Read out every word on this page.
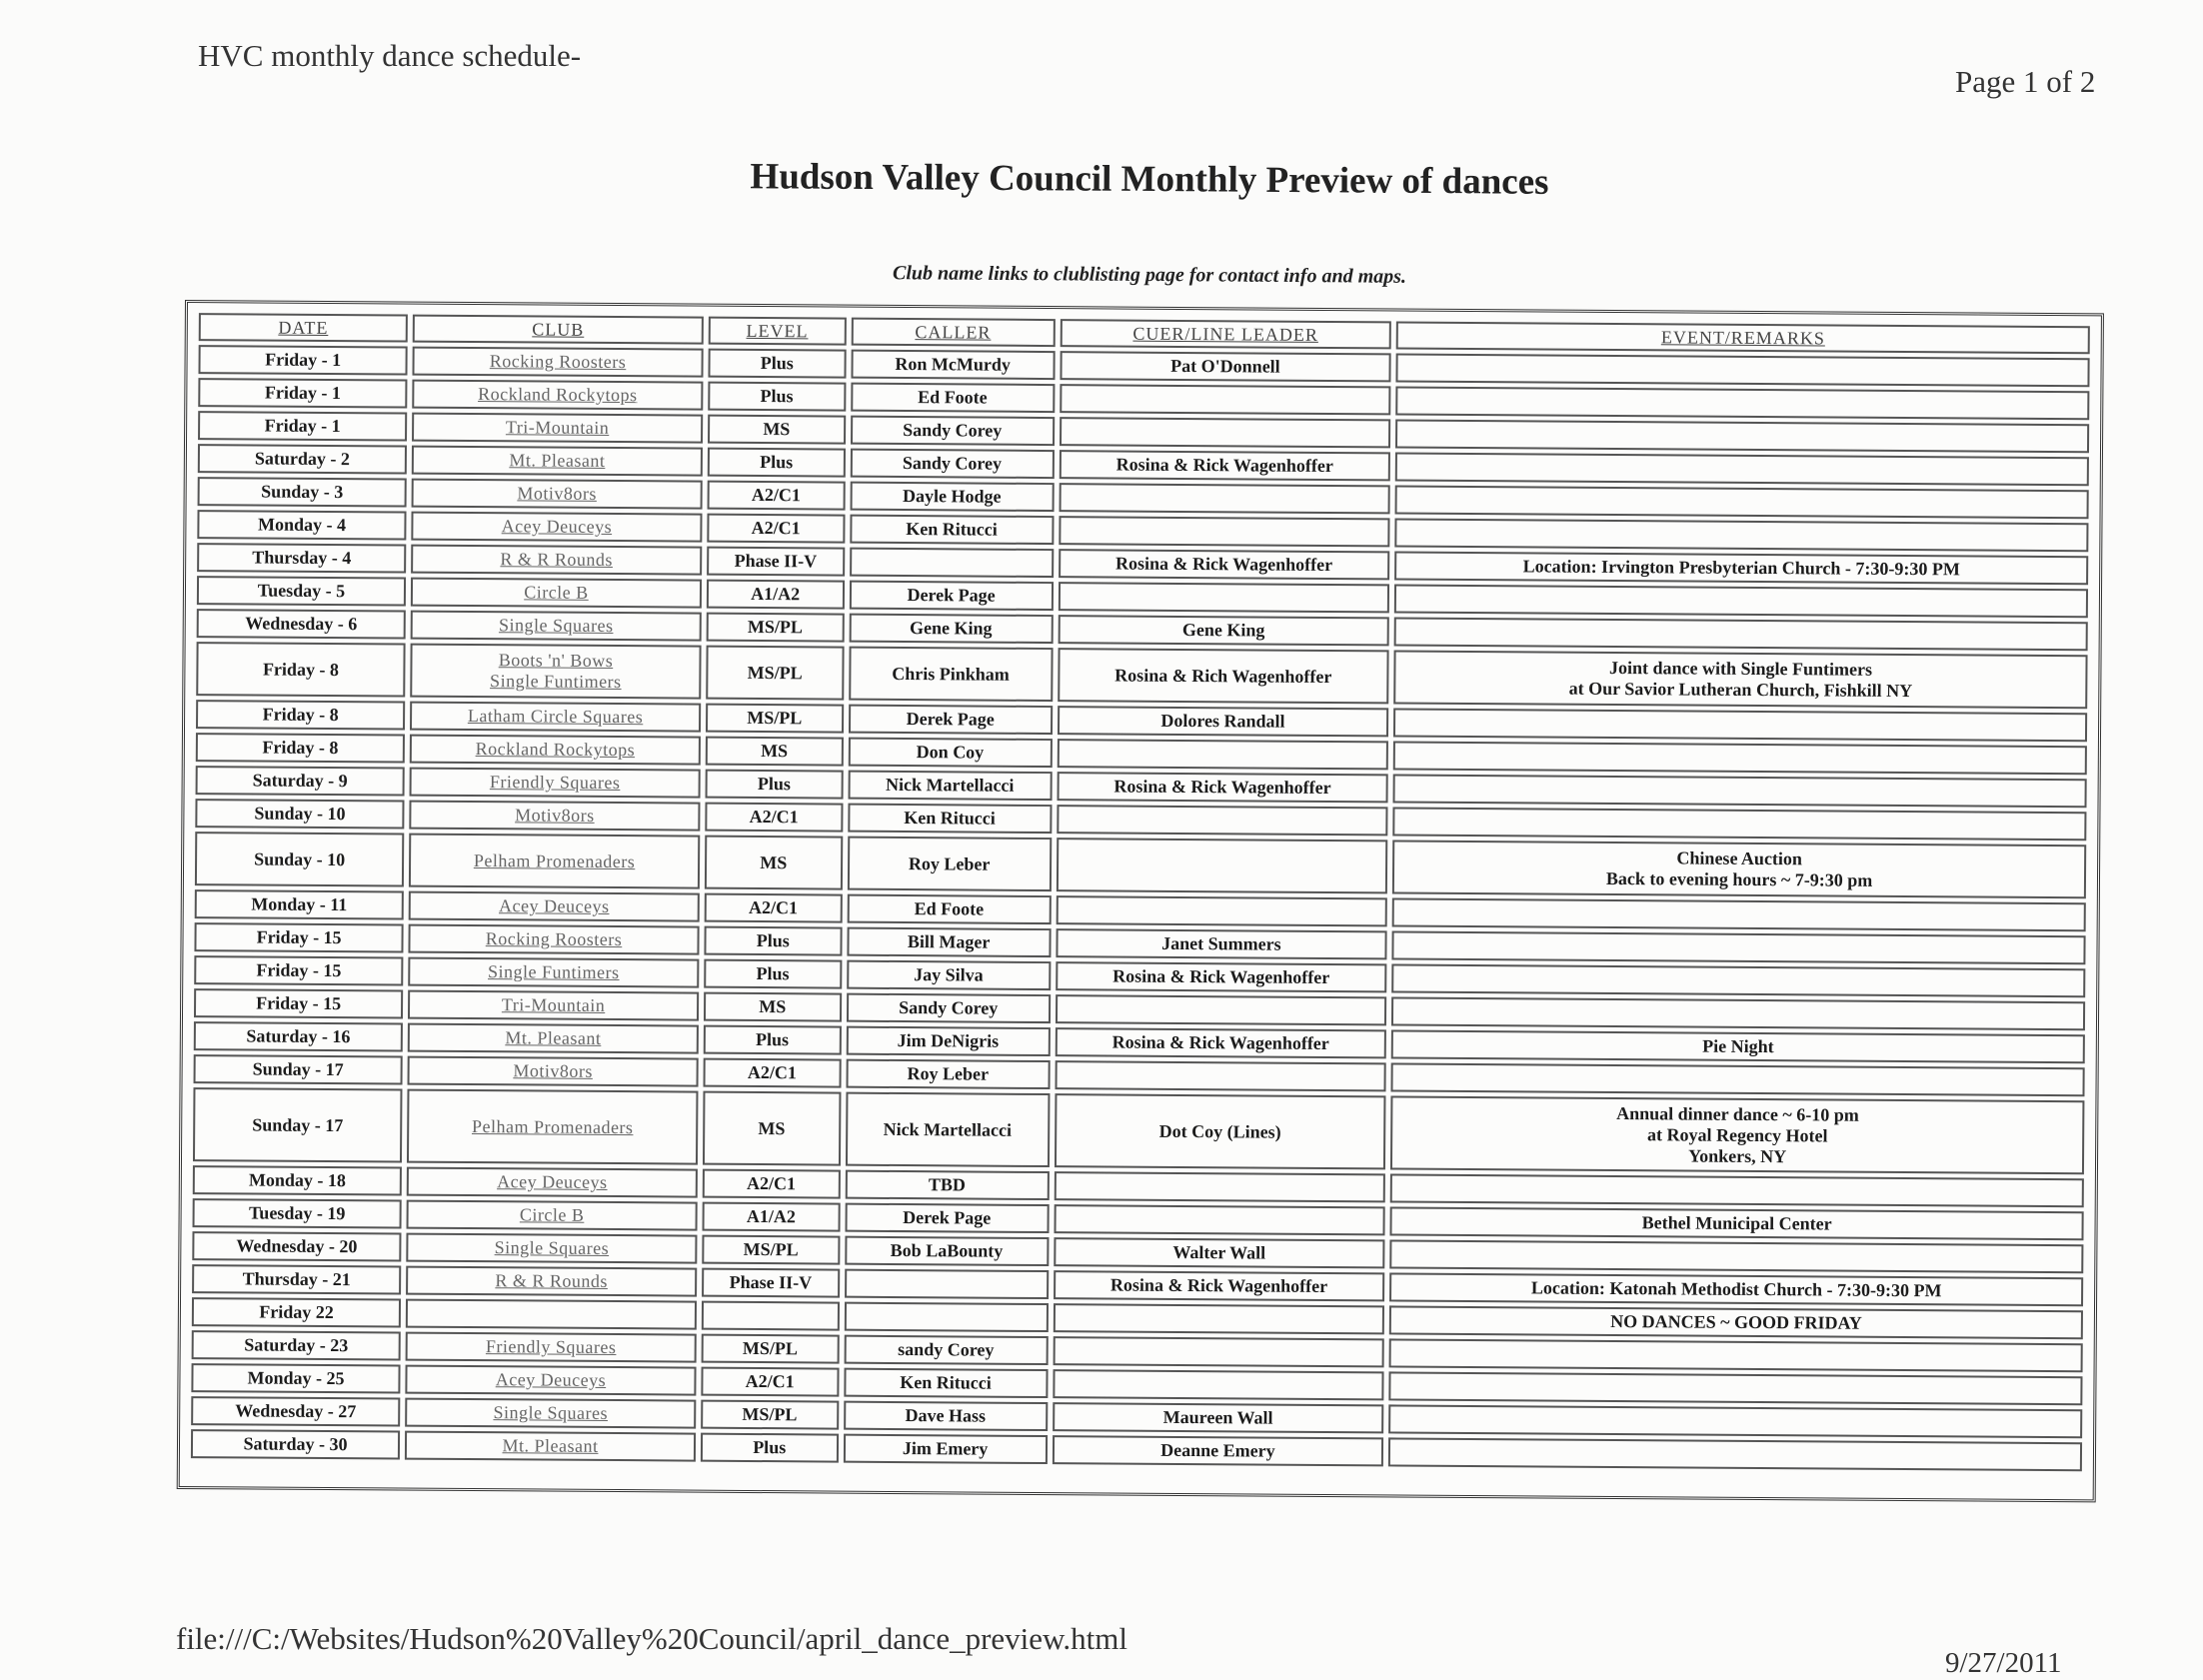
HVC monthly dance schedule-
Page 1 of 2
Hudson Valley Council Monthly Preview of dances
Club name links to clublisting page for contact info and maps.
DATE	CLUB	LEVEL	CALLER	CUER/LINE LEADER	EVENT/REMARKS
Friday - 1	Rocking Roosters	Plus	Ron McMurdy	Pat O'Donnell	
Friday - 1	Rockland Rockytops	Plus	Ed Foote		
Friday - 1	Tri-Mountain	MS	Sandy Corey		
Saturday - 2	Mt. Pleasant	Plus	Sandy Corey	Rosina & Rick Wagenhoffer	
Sunday - 3	Motiv8ors	A2/C1	Dayle Hodge		
Monday - 4	Acey Deuceys	A2/C1	Ken Ritucci		
Thursday - 4	R & R Rounds	Phase II-V		Rosina & Rick Wagenhoffer	Location: Irvington Presbyterian Church - 7:30-9:30 PM
Tuesday - 5	Circle B	A1/A2	Derek Page		
Wednesday - 6	Single Squares	MS/PL	Gene King	Gene King	
Friday - 8	Boots 'n' Bows
Single Funtimers	MS/PL	Chris Pinkham	Rosina & Rich Wagenhoffer	Joint dance with Single Funtimers
at Our Savior Lutheran Church, Fishkill NY
Friday - 8	Latham Circle Squares	MS/PL	Derek Page	Dolores Randall	
Friday - 8	Rockland Rockytops	MS	Don Coy		
Saturday - 9	Friendly Squares	Plus	Nick Martellacci	Rosina & Rick Wagenhoffer	
Sunday - 10	Motiv8ors	A2/C1	Ken Ritucci		
Sunday - 10	Pelham Promenaders	MS	Roy Leber		Chinese Auction
Back to evening hours ~ 7-9:30 pm
Monday - 11	Acey Deuceys	A2/C1	Ed Foote		
Friday - 15	Rocking Roosters	Plus	Bill Mager	Janet Summers	
Friday - 15	Single Funtimers	Plus	Jay Silva	Rosina & Rick Wagenhoffer	
Friday - 15	Tri-Mountain	MS	Sandy Corey		
Saturday - 16	Mt. Pleasant	Plus	Jim DeNigris	Rosina & Rick Wagenhoffer	Pie Night
Sunday - 17	Motiv8ors	A2/C1	Roy Leber		
Sunday - 17	Pelham Promenaders	MS	Nick Martellacci	Dot Coy (Lines)	Annual dinner dance ~ 6-10 pm
at Royal Regency Hotel
Yonkers, NY
Monday - 18	Acey Deuceys	A2/C1	TBD		
Tuesday - 19	Circle B	A1/A2	Derek Page		Bethel Municipal Center
Wednesday - 20	Single Squares	MS/PL	Bob LaBounty	Walter Wall	
Thursday - 21	R & R Rounds	Phase II-V		Rosina & Rick Wagenhoffer	Location: Katonah Methodist Church - 7:30-9:30 PM
Friday 22					NO DANCES ~ GOOD FRIDAY
Saturday - 23	Friendly Squares	MS/PL	sandy Corey		
Monday - 25	Acey Deuceys	A2/C1	Ken Ritucci		
Wednesday - 27	Single Squares	MS/PL	Dave Hass	Maureen Wall	
Saturday - 30	Mt. Pleasant	Plus	Jim Emery	Deanne Emery	
file:///C:/Websites/Hudson%20Valley%20Council/april_dance_preview.html
9/27/2011
